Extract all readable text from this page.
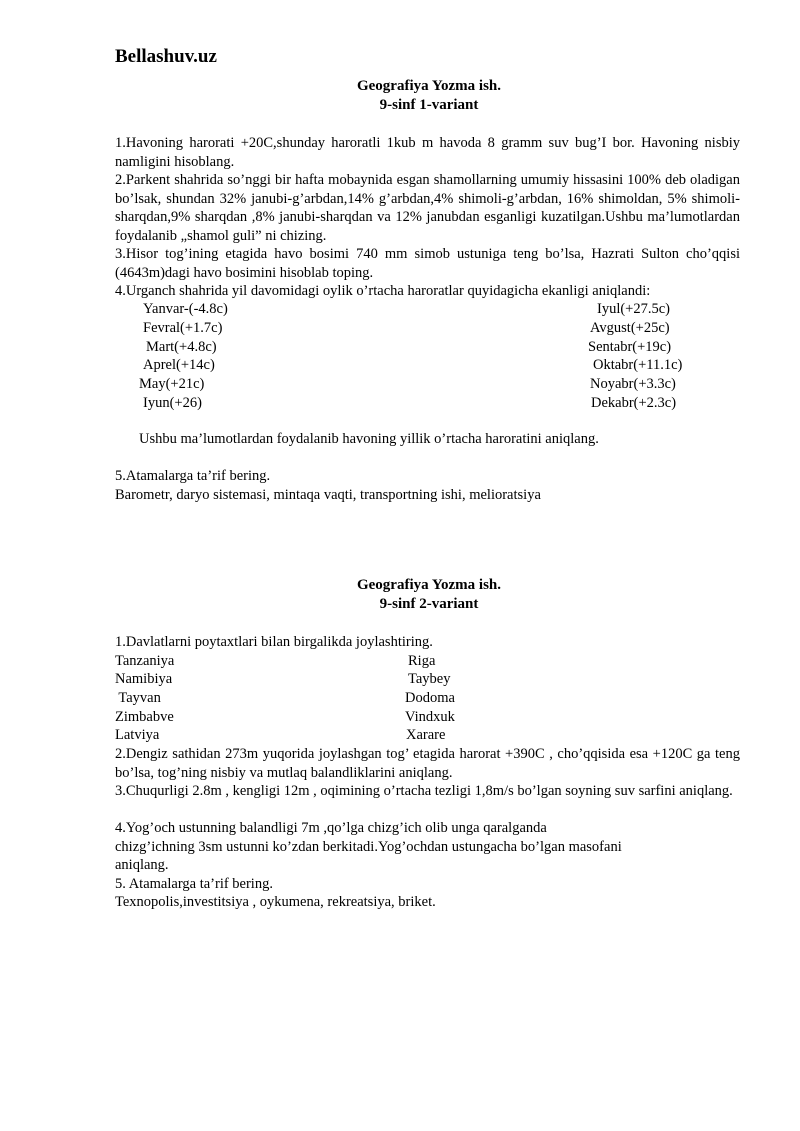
Bellashuv.uz
Geografiya Yozma ish.
9-sinf 1-variant
1.Havoning harorati +20C,shunday haroratli 1kub m havoda 8 gramm suv bug’I bor. Havoning nisbiy namligini hisoblang.
2.Parkent shahrida so’nggi bir hafta mobaynida esgan shamollarning umumiy hissasini 100% deb oladigan bo’lsak, shundan 32% janubi-g’arbdan,14% g’arbdan,4% shimoli-g’arbdan, 16% shimoldan, 5% shimoli-sharqdan,9% sharqdan ,8% janubi-sharqdan va 12% janubdan esganligi kuzatilgan.Ushbu ma’lumotlardan foydalanib „shamol guli” ni chizing.
3.Hisor tog’ining etagida havo bosimi 740 mm simob ustuniga teng bo’lsa, Hazrati Sulton cho’qqisi (4643m)dagi havo bosimini hisoblab toping.
4.Urganch shahrida yil davomidagi oylik o’rtacha haroratlar quyidagicha ekanligi aniqlandi:
Yanvar-(-4.8c)
Fevral(+1.7c)
Mart(+4.8c)
Aprel(+14c)
May(+21c)
Iyun(+26)
Iyul(+27.5c)
Avgust(+25c)
Sentabr(+19c)
Oktabr(+11.1c)
Noyabr(+3.3c)
Dekabr(+2.3c)
Ushbu ma’lumotlardan foydalanib havoning yillik o’rtacha haroratini aniqlang.
5.Atamalarga ta’rif bering.
Barometr, daryo sistemasi, mintaqa vaqti, transportning ishi, melioratsiya
Geografiya Yozma ish.
9-sinf 2-variant
1.Davlatlarni poytaxtlari bilan birgalikda joylashtiring.
Tanzaniya
Namibiya
Tayvan
Zimbabve
Latviya
Riga
Taybey
Dodoma
Vindxuk
Xarare
2.Dengiz sathidan 273m yuqorida joylashgan tog’ etagida harorat +390C , cho’qqisida esa +120C ga teng bo’lsa, tog’ning nisbiy va mutlaq balandliklarini aniqlang.
3.Chuqurligi 2.8m , kengligi 12m , oqimining o’rtacha tezligi 1,8m/s bo’lgan soyning suv sarfini aniqlang.
4.Yog’och ustunning balandligi 7m ,qo’lga chizg’ich olib unga qaralganda
chizg’ichning 3sm ustunni ko’zdan berkitadi.Yog’ochdan ustungacha bo’lgan masofani
aniqlang.
5. Atamalarga ta’rif bering.
Texnopolis,investitsiya , oykumena, rekreatsiya, briket.
